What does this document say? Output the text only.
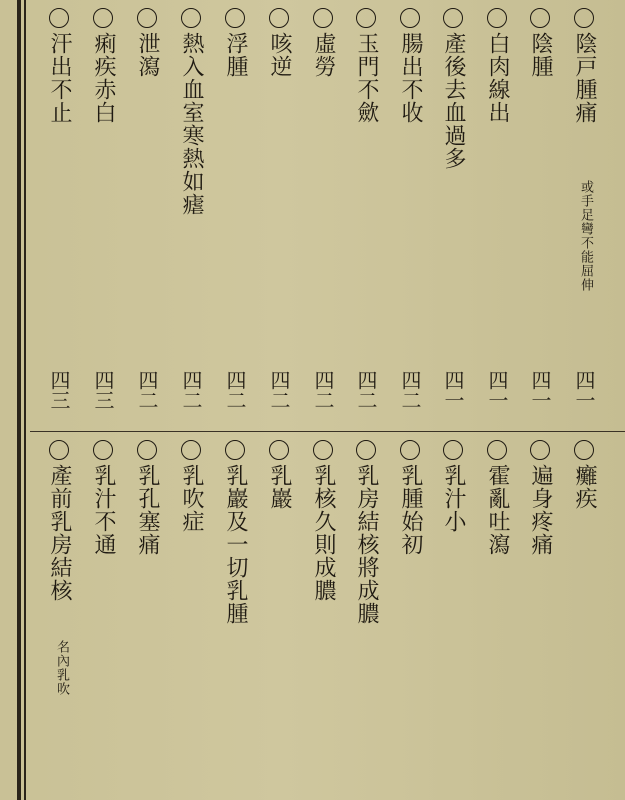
陰戸腫痛
陰腫
白肉線出
產後去血過多
腸出不收
玉門不歛
虛勞
咳逆
浮腫
熱入血室寒熱如瘧
泄瀉
痢疾赤白
汗出不止
或手足彎不能屈伸
四一
四一
四一
四一
四二
四二
四二
四二
四二
四二
四二
四三
四三
癱疾
遍身疼痛
霍亂吐瀉
乳汁小
乳腫始初
乳房結核將成膿
乳核久則成膿
乳巖
乳巖及一切乳腫
乳吹症
乳孔塞痛
乳汁不通
產前乳房結核
名內乳吹
